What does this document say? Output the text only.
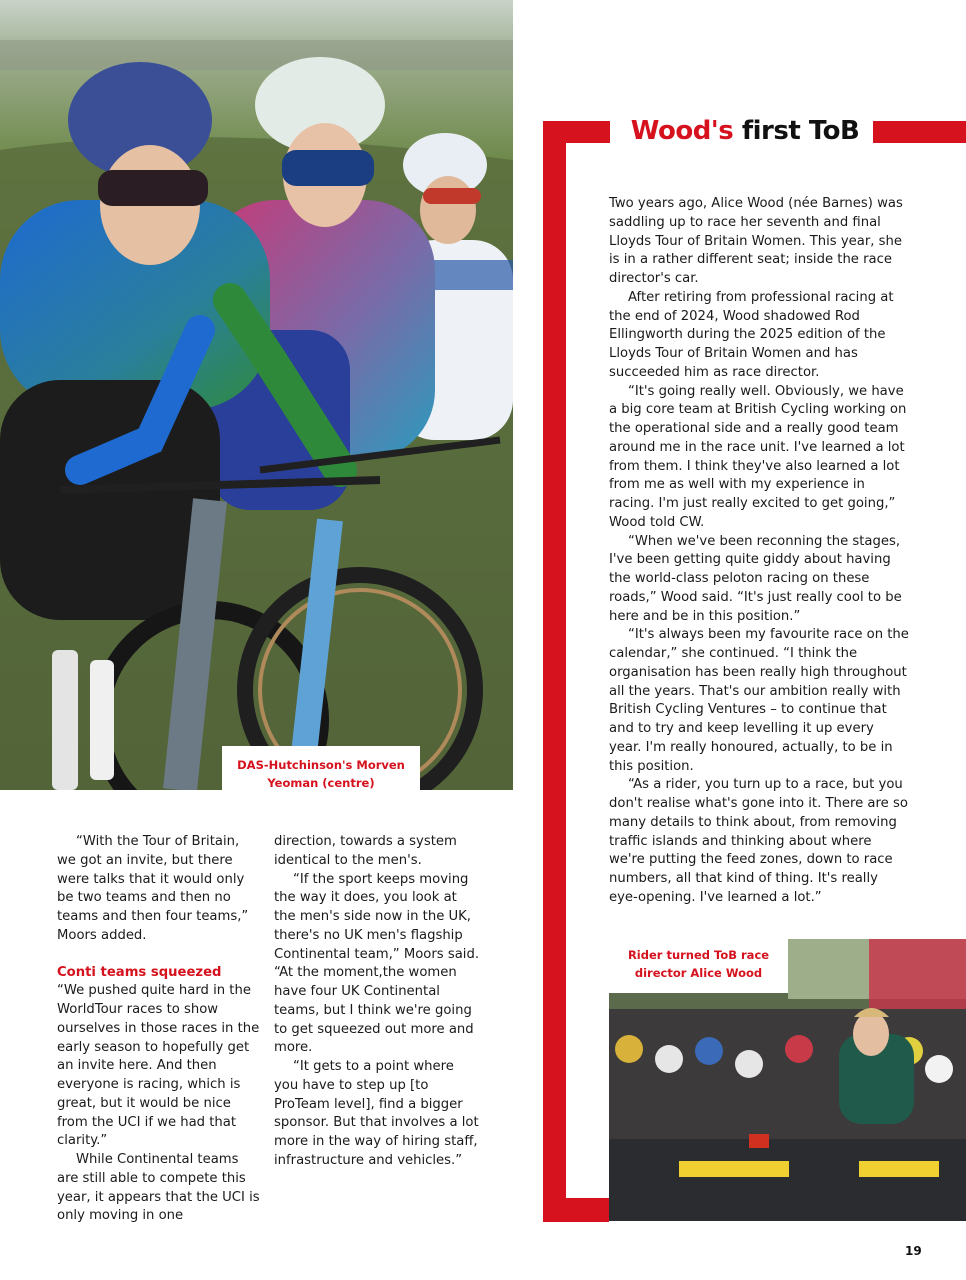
DAS-Hutchinson's Morven Yeoman (centre)
Wood's first ToB

Two years ago, Alice Wood (née Barnes) was saddling up to race her seventh and final Lloyds Tour of Britain Women. This year, she is in a rather different seat; inside the race director's car.

After retiring from professional racing at the end of 2024, Wood shadowed Rod Ellingworth during the 2025 edition of the Lloyds Tour of Britain Women and has succeeded him as race director.

“It's going really well. Obviously, we have a big core team at British Cycling working on the operational side and a really good team around me in the race unit. I've learned a lot from them. I think they've also learned a lot from me as well with my experience in racing. I'm just really excited to get going,” Wood told CW.

“When we've been reconning the stages, I've been getting quite giddy about having the world-class peloton racing on these roads,” Wood said. “It's just really cool to be here and be in this position.”

“It's always been my favourite race on the calendar,” she continued. “I think the organisation has been really high throughout all the years. That's our ambition really with British Cycling Ventures – to continue that and to try and keep levelling it up every year. I'm really honoured, actually, to be in this position.

“As a rider, you turn up to a race, but you don't realise what's gone into it. There are so many details to think about, from removing traffic islands and thinking about where we're putting the feed zones, down to race numbers, all that kind of thing. It's really eye-opening. I've learned a lot.”

Rider turned ToB race director Alice Wood

“With the Tour of Britain, we got an invite, but there were talks that it would only be two teams and then no teams and then four teams,” Moors added.

Conti teams squeezed

“We pushed quite hard in the WorldTour races to show ourselves in those races in the early season to hopefully get an invite here. And then everyone is racing, which is great, but it would be nice from the UCI if we had that clarity.”

While Continental teams are still able to compete this year, it appears that the UCI is only moving in one

direction, towards a system identical to the men's.

“If the sport keeps moving the way it does, you look at the men's side now in the UK, there's no UK men's flagship Continental team,” Moors said. “At the moment,the women have four UK Continental teams, but I think we're going to get squeezed out more and more.

“It gets to a point where you have to step up [to ProTeam level], find a bigger sponsor. But that involves a lot more in the way of hiring staff, infrastructure and vehicles.”

19
